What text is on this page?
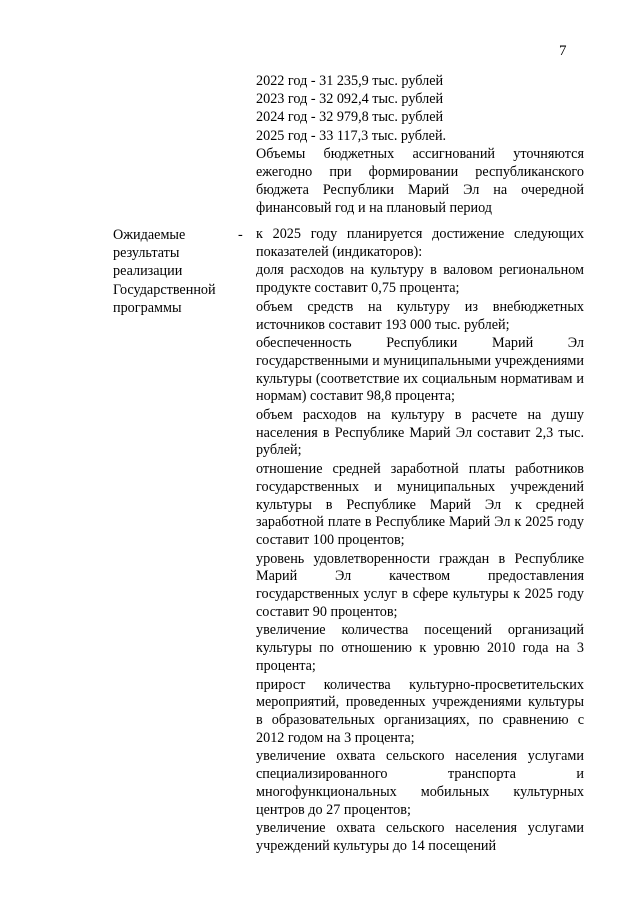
7
2022 год - 31 235,9 тыс. рублей
2023 год - 32 092,4 тыс. рублей
2024 год - 32 979,8 тыс. рублей
2025 год - 33 117,3 тыс. рублей.

Объемы бюджетных ассигнований уточняются ежегодно при формировании республиканского бюджета Республики Марий Эл на очередной финансовый год и на плановый период

Ожидаемые
результаты
реализации
Государственной
программы
- к 2025 году планируется достижение следующих показателей (индикаторов):
доля расходов на культуру в валовом региональном продукте составит 0,75 процента;
объем средств на культуру из внебюджетных источников составит 193 000 тыс. рублей;
обеспеченность Республики Марий Эл государственными и муниципальными учреждениями культуры (соответствие их социальным нормативам и нормам) составит 98,8 процента;
объем расходов на культуру в расчете на душу населения в Республике Марий Эл составит 2,3 тыс. рублей;
отношение средней заработной платы работников государственных и муниципальных учреждений культуры в Республике Марий Эл к средней заработной плате в Республике Марий Эл к 2025 году составит 100 процентов;
уровень удовлетворенности граждан в Республике Марий Эл качеством предоставления государственных услуг в сфере культуры к 2025 году составит 90 процентов;
увеличение количества посещений организаций культуры по отношению к уровню 2010 года на 3 процента;
прирост количества культурно-просветительских мероприятий, проведенных учреждениями культуры в образовательных организациях, по сравнению с 2012 годом на 3 процента;
увеличение охвата сельского населения услугами специализированного транспорта и многофункциональных мобильных культурных центров до 27 процентов;
увеличение охвата сельского населения услугами учреждений культуры до 14 посещений
